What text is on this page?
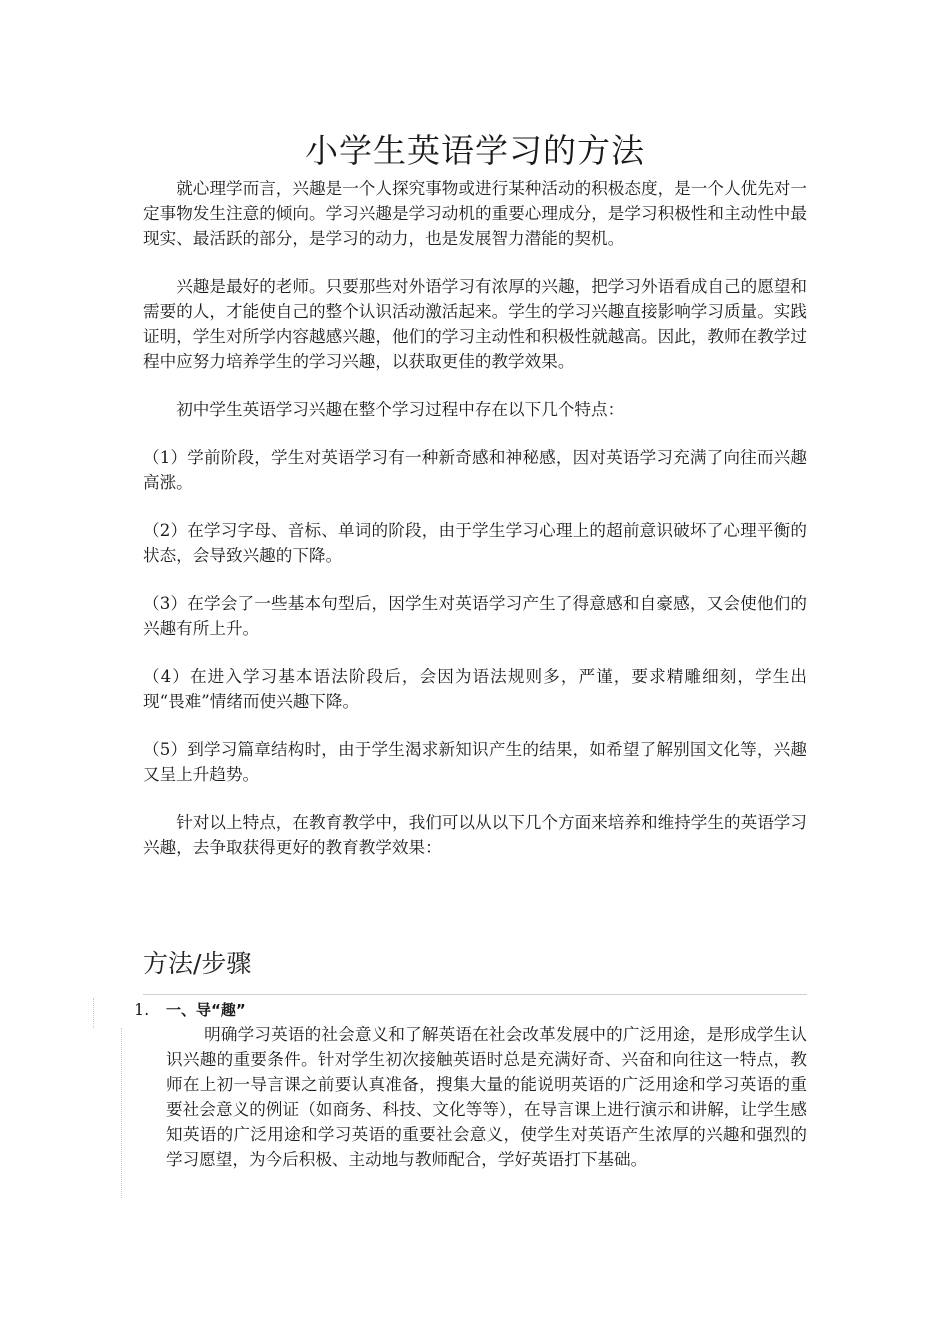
小学生英语学习的方法

就心理学而言，兴趣是一个人探究事物或进行某种活动的积极态度，是一个人优先对一定事物发生注意的倾向。学习兴趣是学习动机的重要心理成分，是学习积极性和主动性中最现实、最活跃的部分，是学习的动力，也是发展智力潜能的契机。

兴趣是最好的老师。只要那些对外语学习有浓厚的兴趣，把学习外语看成自己的愿望和需要的人，才能使自己的整个认识活动激活起来。学生的学习兴趣直接影响学习质量。实践证明，学生对所学内容越感兴趣，他们的学习主动性和积极性就越高。因此，教师在教学过程中应努力培养学生的学习兴趣，以获取更佳的教学效果。

初中学生英语学习兴趣在整个学习过程中存在以下几个特点：

（1）学前阶段，学生对英语学习有一种新奇感和神秘感，因对英语学习充满了向往而兴趣高涨。

（2）在学习字母、音标、单词的阶段，由于学生学习心理上的超前意识破坏了心理平衡的状态，会导致兴趣的下降。

（3）在学会了一些基本句型后，因学生对英语学习产生了得意感和自豪感，又会使他们的兴趣有所上升。

（4）在进入学习基本语法阶段后，会因为语法规则多，严谨，要求精雕细刻，学生出现“畏难”情绪而使兴趣下降。

（5）到学习篇章结构时，由于学生渴求新知识产生的结果，如希望了解别国文化等，兴趣又呈上升趋势。

针对以上特点，在教育教学中，我们可以从以下几个方面来培养和维持学生的英语学习兴趣，去争取获得更好的教育教学效果：

方法/步骤
1. 一、导“趣”

明确学习英语的社会意义和了解英语在社会改革发展中的广泛用途，是形成学生认识兴趣的重要条件。针对学生初次接触英语时总是充满好奇、兴奋和向往这一特点，教师在上初一导言课之前要认真准备，搜集大量的能说明英语的广泛用途和学习英语的重要社会意义的例证（如商务、科技、文化等等），在导言课上进行演示和讲解，让学生感知英语的广泛用途和学习英语的重要社会意义，使学生对英语产生浓厚的兴趣和强烈的学习愿望，为今后积极、主动地与教师配合，学好英语打下基础。
